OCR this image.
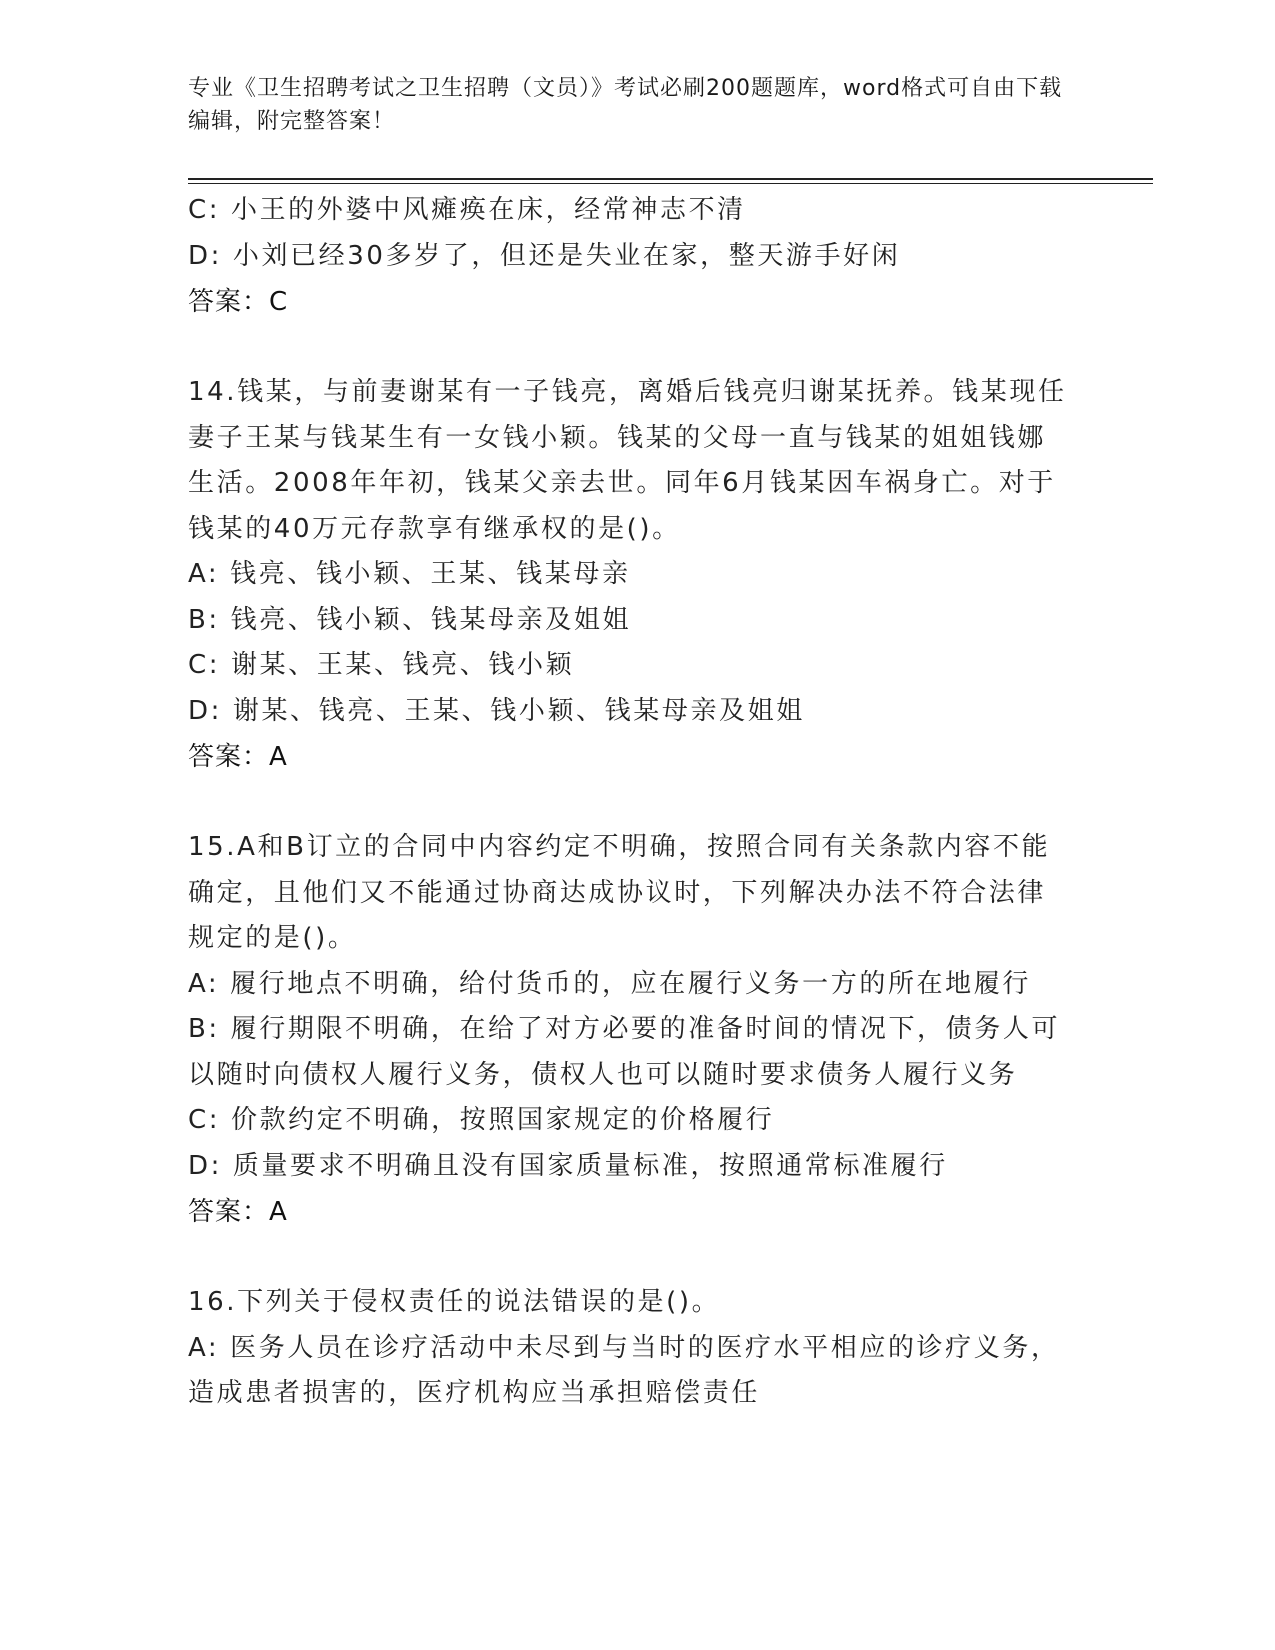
专业《卫生招聘考试之卫生招聘（文员）》考试必刷200题题库，word格式可自由下载编辑，附完整答案！
C: 小王的外婆中风瘫痪在床，经常神志不清
D: 小刘已经30多岁了，但还是失业在家，整天游手好闲
答案：C
14.钱某，与前妻谢某有一子钱亮，离婚后钱亮归谢某抚养。钱某现任
妻子王某与钱某生有一女钱小颖。钱某的父母一直与钱某的姐姐钱娜
生活。2008年年初，钱某父亲去世。同年6月钱某因车祸身亡。对于
钱某的40万元存款享有继承权的是()。
A: 钱亮、钱小颖、王某、钱某母亲
B: 钱亮、钱小颖、钱某母亲及姐姐
C: 谢某、王某、钱亮、钱小颖
D: 谢某、钱亮、王某、钱小颖、钱某母亲及姐姐
答案：A
15.A和B订立的合同中内容约定不明确，按照合同有关条款内容不能
确定，且他们又不能通过协商达成协议时，下列解决办法不符合法律
规定的是()。
A: 履行地点不明确，给付货币的，应在履行义务一方的所在地履行
B: 履行期限不明确，在给了对方必要的准备时间的情况下，债务人可
以随时向债权人履行义务，债权人也可以随时要求债务人履行义务
C: 价款约定不明确，按照国家规定的价格履行
D: 质量要求不明确且没有国家质量标准，按照通常标准履行
答案：A
16.下列关于侵权责任的说法错误的是()。
A: 医务人员在诊疗活动中未尽到与当时的医疗水平相应的诊疗义务，
造成患者损害的，医疗机构应当承担赔偿责任
